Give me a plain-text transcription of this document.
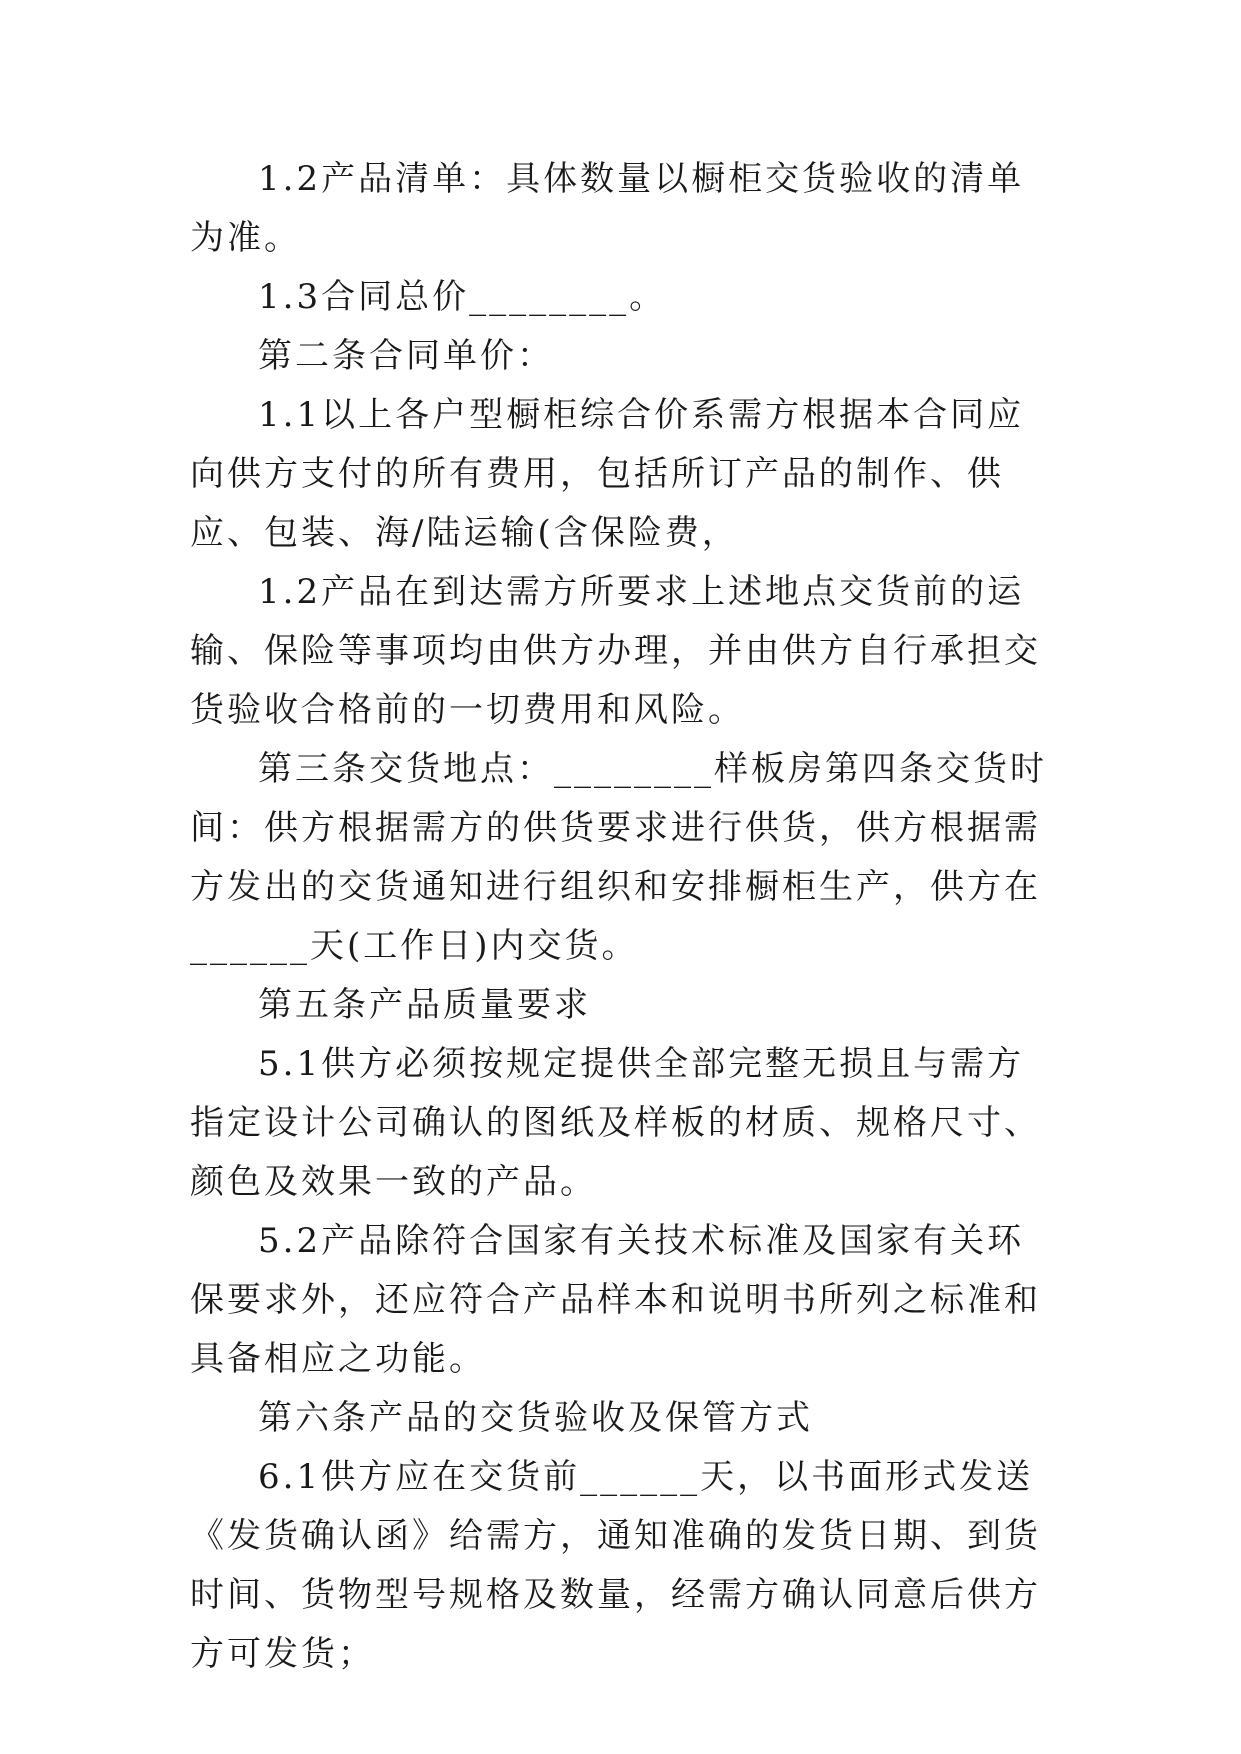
1.2产品清单：具体数量以橱柜交货验收的清单为准。

1.3合同总价________。

第二条合同单价：

1.1以上各户型橱柜综合价系需方根据本合同应向供方支付的所有费用，包括所订产品的制作、供应、包装、海/陆运输(含保险费，

1.2产品在到达需方所要求上述地点交货前的运输、保险等事项均由供方办理，并由供方自行承担交货验收合格前的一切费用和风险。

第三条交货地点：________样板房第四条交货时间：供方根据需方的供货要求进行供货，供方根据需方发出的交货通知进行组织和安排橱柜生产，供方在______天(工作日)内交货。

第五条产品质量要求

5.1供方必须按规定提供全部完整无损且与需方指定设计公司确认的图纸及样板的材质、规格尺寸、颜色及效果一致的产品。

5.2产品除符合国家有关技术标准及国家有关环保要求外，还应符合产品样本和说明书所列之标准和具备相应之功能。

第六条产品的交货验收及保管方式

6.1供方应在交货前______天，以书面形式发送《发货确认函》给需方，通知准确的发货日期、到货时间、货物型号规格及数量，经需方确认同意后供方方可发货；
